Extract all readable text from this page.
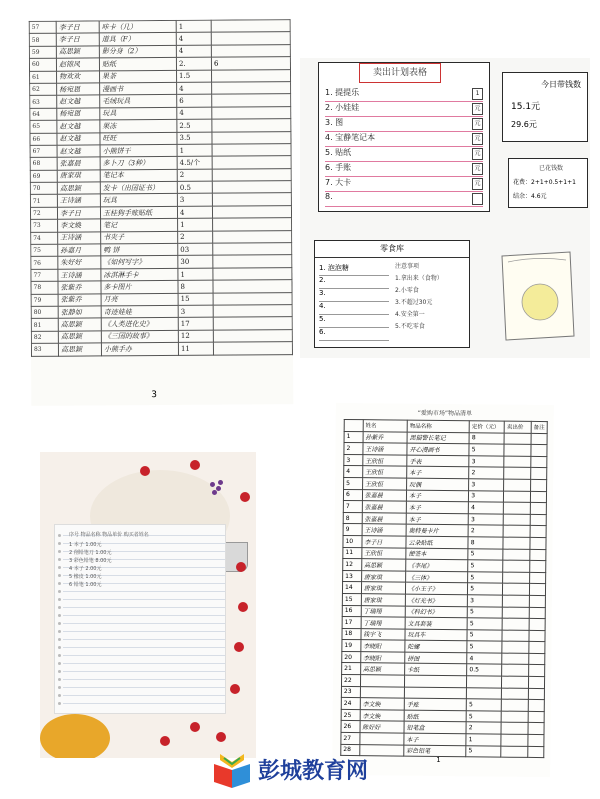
57	李子日	咔卡（几）	1	
58	李子日	道具（F）	4	
59	高思颖	影分身（2）	4	
60	赵锦风	贴纸	2.	6
61	物欢欢	果茶	1.5	
62	杨宛恩	漫画书	4	
63	赵文越	毛绒玩具	6	
64	杨宛恩	玩具	4	
65	赵文越	果冻	2.5	
66	赵文越	旺旺	3.5	
67	赵文越	小熊饼干	1	
68	张嘉晨	多卜刀（3种）	4.5/个	
69	唐家琪	笔记本	2	
70	高思颖	发卡（出国证书）	0.5	
71	王诗涵	玩具	3	
72	李子日	玉桂狗手账贴纸	4	
73	李文焕	笔记	1	
74	王诗涵	书夹子	2	
75	孙嘉月	鸭 饼	03	
76	朱好好	《如何写字》	30	
77	王诗涵	冰淇淋手卡	1	
78	张紫乔	多卡图片	8	
79	张紫乔	月亮	15	
80	张静如	奇迹娃娃	3	
81	高思颖	《人类进化史》	17	
82	高思颖	《三国的故事》	12	
83	高思颖	小熊手办	11	
3
卖出计划表格
1. 提提乐	1
2. 小娃娃	元
3. 图	元
4. 宝静笔记本	元
5. 贴纸	元
6. 手账	元
7. 大卡	元
8.
今日带钱数
15.1元
29.6元
已花钱数
花费：2+1+0.5+1+1
结余：4.6元
零食库
1. 泡泡糖
2.
3.
4.
5.
6.
注意事项
1.拿出来（食物）
2.小零食
3.不超过30元
4.安全第一
5.不吃零食
序号 物品名称 物品单价 购买者姓名
1 本子 1.00元
2 削铅笔刀 1.00元
3 彩色铅笔 8.00元
4 本子 2.00元
5 橡皮 1.00元
6 铅笔 1.00元
“爱购市场”物品清单
	姓名	物品名称	定价（元）	卖出价	备注
1	孙紫乔	黑猫警长笔记	8		
2	王诗涵	开心漫画书	5		
3	王欣恒	手表	3		
4	王欣恒	本子	2		
5	王欣恒	玩偶	3		
6	张嘉晨	本子	3		
7	张嘉晨	本子	4		
8	张嘉晨	本子	3		
9	王诗涵	奥特曼卡片	2		
10	李子日	云朵贴纸	8		
11	王欣恒	便签本	5		
12	高思颖	《李尾》	5		
13	唐家琪	《三体》	5		
14	唐家琪	《小王子》	5		
15	唐家琪	《灯光书》	3		
16	丁瑞翔	《科幻书》	5		
17	丁瑞翔	文具套装	5		
18	钱宇飞	玩具车	5		
19	李晓阳	陀螺	5		
20	李晓阳	拼图	4		
21	高思颖	卡纸	0.5		
22					
23					
24	李文焕	手账	5		
25	李文焕	贴纸	5		
26	陈好好	铅笔盒	2		
27		本子	1		
28		彩色铅笔	5		
1
彭城教育网
